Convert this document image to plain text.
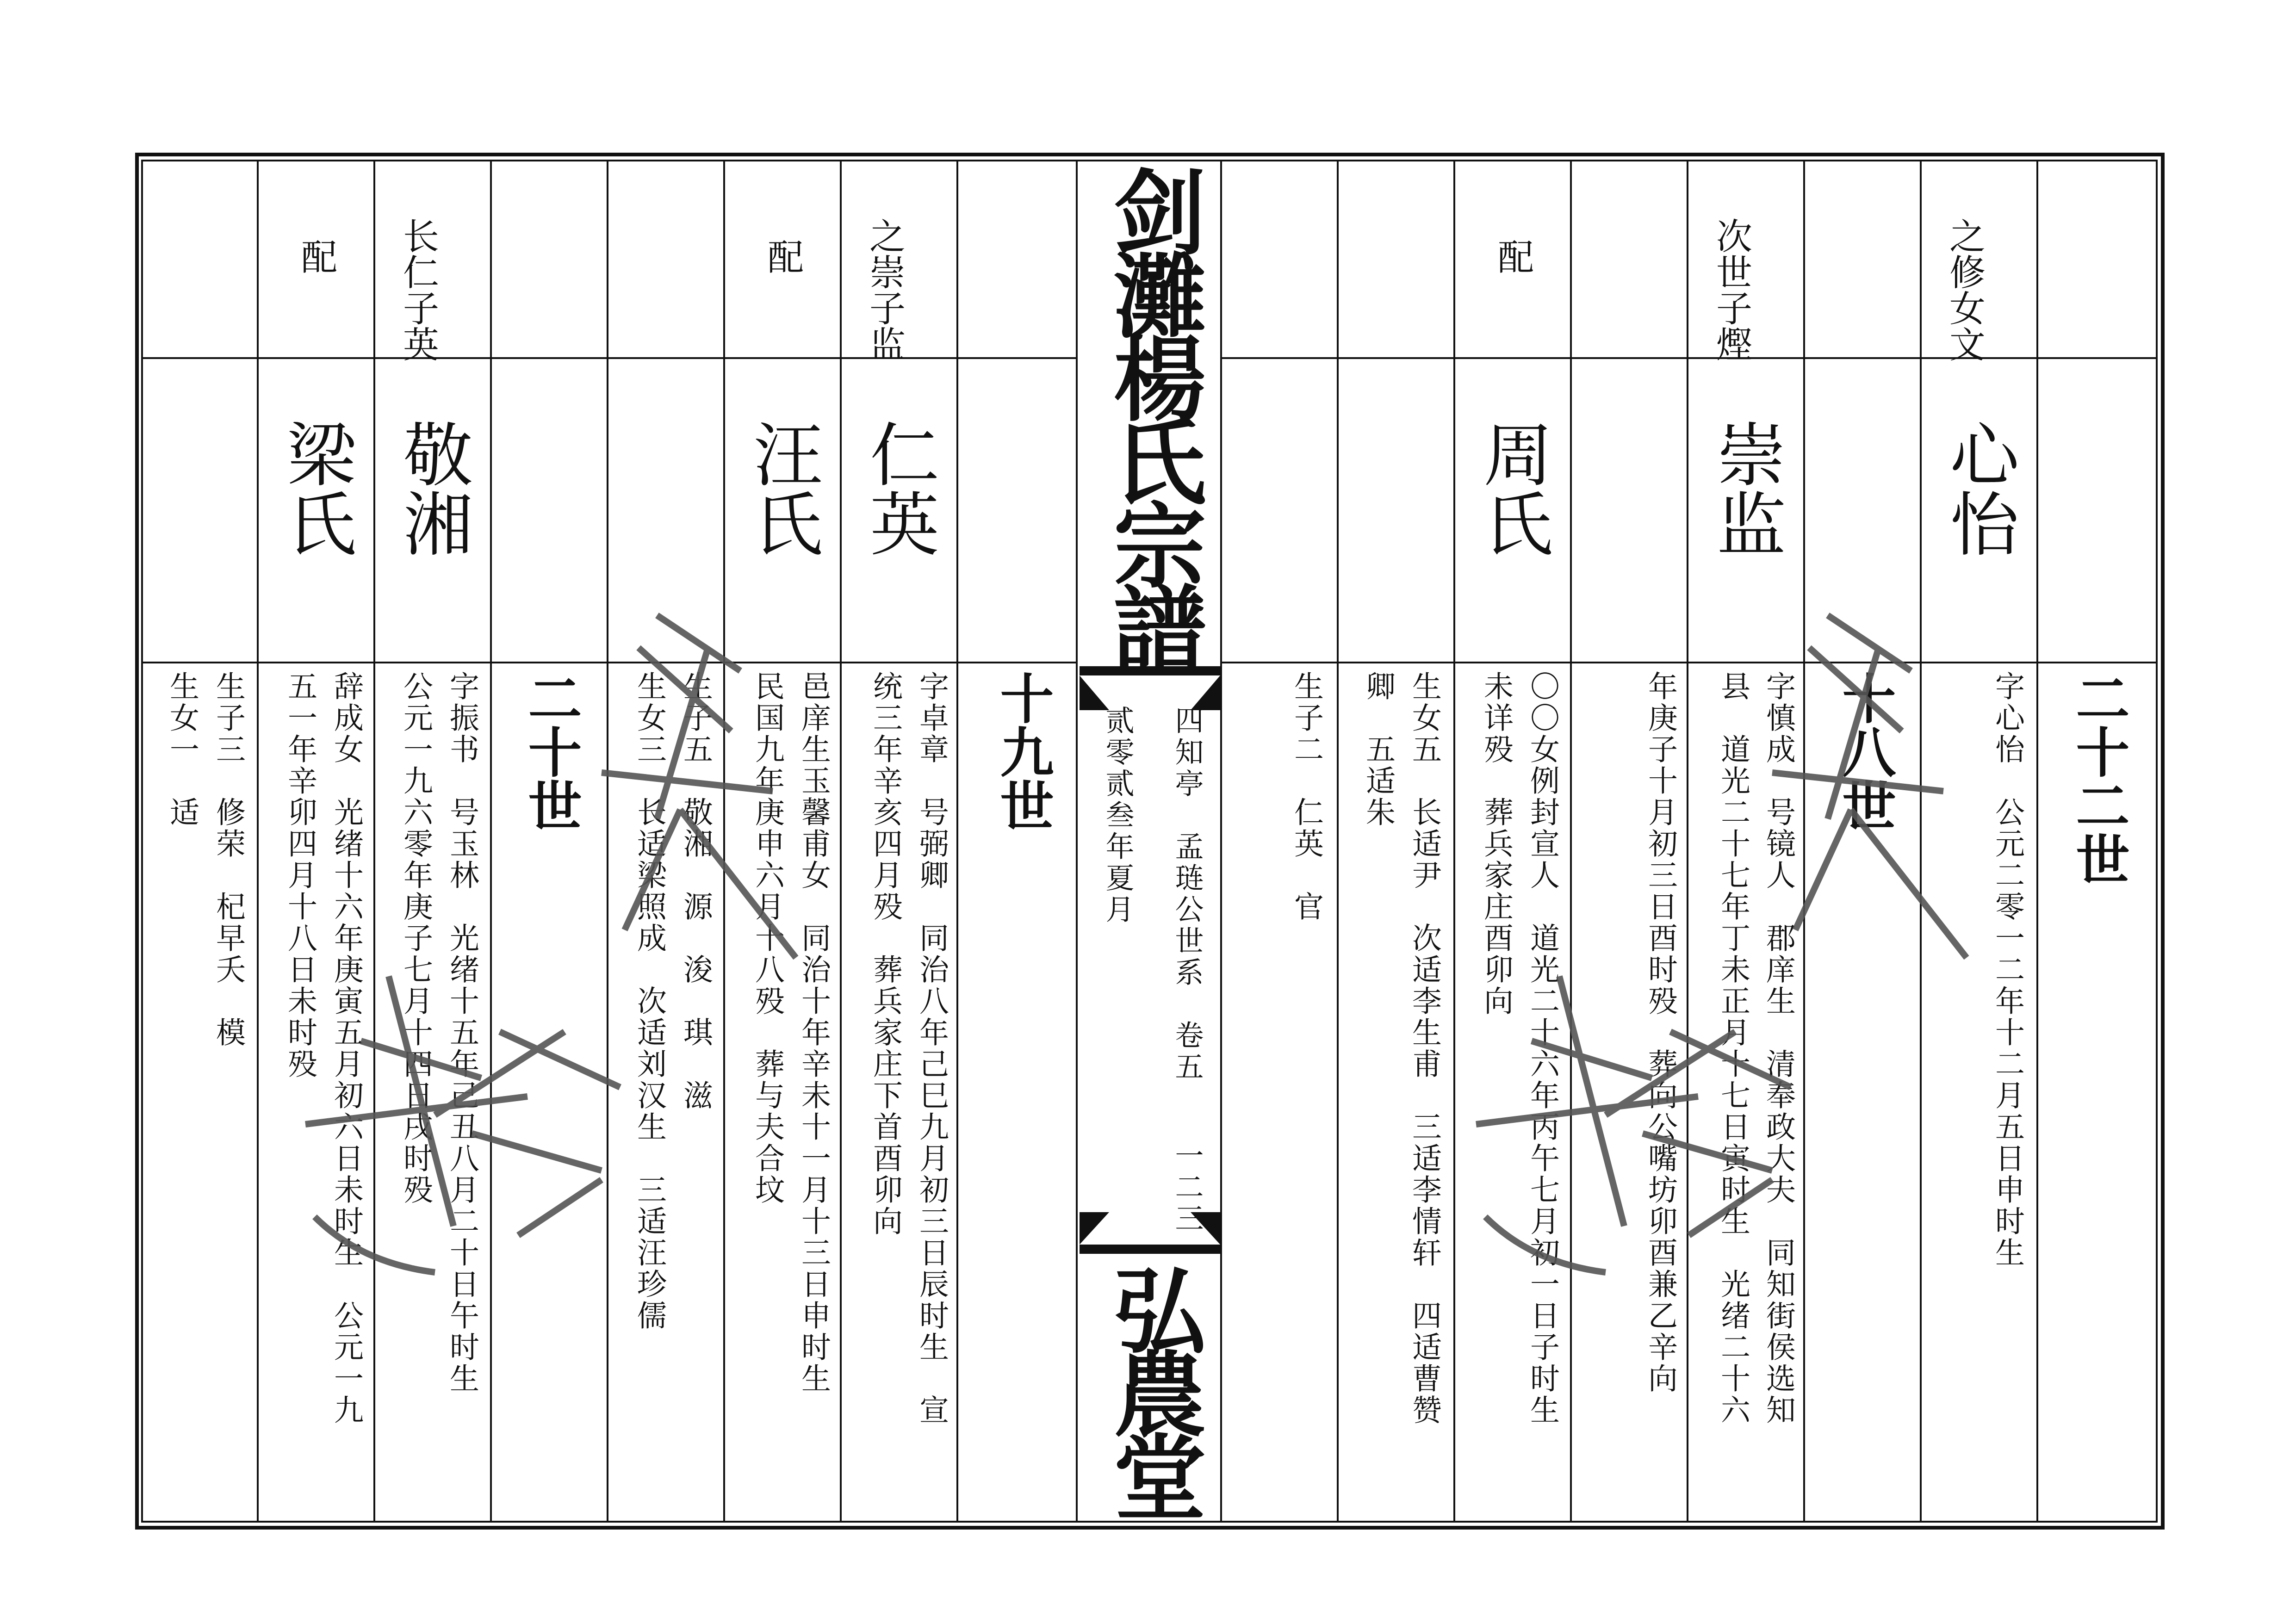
剑灘楊氏宗譜
四知亭　孟琏公世系　卷五
贰零贰叁年夏月
一二三
弘農堂
十九世
之崇子监
仁英
字卓章　号弼卿　同治八年己巳九月初三日辰时生　宣
统三年辛亥四月殁　葬兵家庄下首酉卯向
配
汪氏
邑庠生玉馨甫女　同治十年辛未十一月十三日申时生
民国九年庚申六月十八殁　葬与夫合坟
生子五　敬湘　源　浚　琪　滋
生女三　长适梁照成　次适刘汉生　三适汪珍儒
二十世
长仁子英
敬湘
字振书　号玉林　光绪十五年己丑八月二十日午时生
公元一九六零年庚子七月十四日戌时殁
配
梁氏
辞成女　光绪十六年庚寅五月初六日未时生　公元一九
五一年辛卯四月十八日未时殁
生子三　修荣　杞早夭　模
生女一　适	二十二世
之修女文
心怡
字心怡　公元二零一二年十二月五日申时生
十八世
次世子熞
崇监
字慎成　号镜人　郡庠生　清奉政大夫　同知街侯选知
县　道光二十七年丁未正月十七日寅时生　光绪二十六
年庚子十月初三日酉时殁　葬向公嘴坊卯酉兼乙辛向
配
周氏
〇〇女例封宣人　道光二十六年丙午七月初一日子时生
未详殁　葬兵家庄酉卯向
生女五　长适尹　次适李生甫　三适李情轩　四适曹赞
卿　五适朱
生子二　仁英　官
